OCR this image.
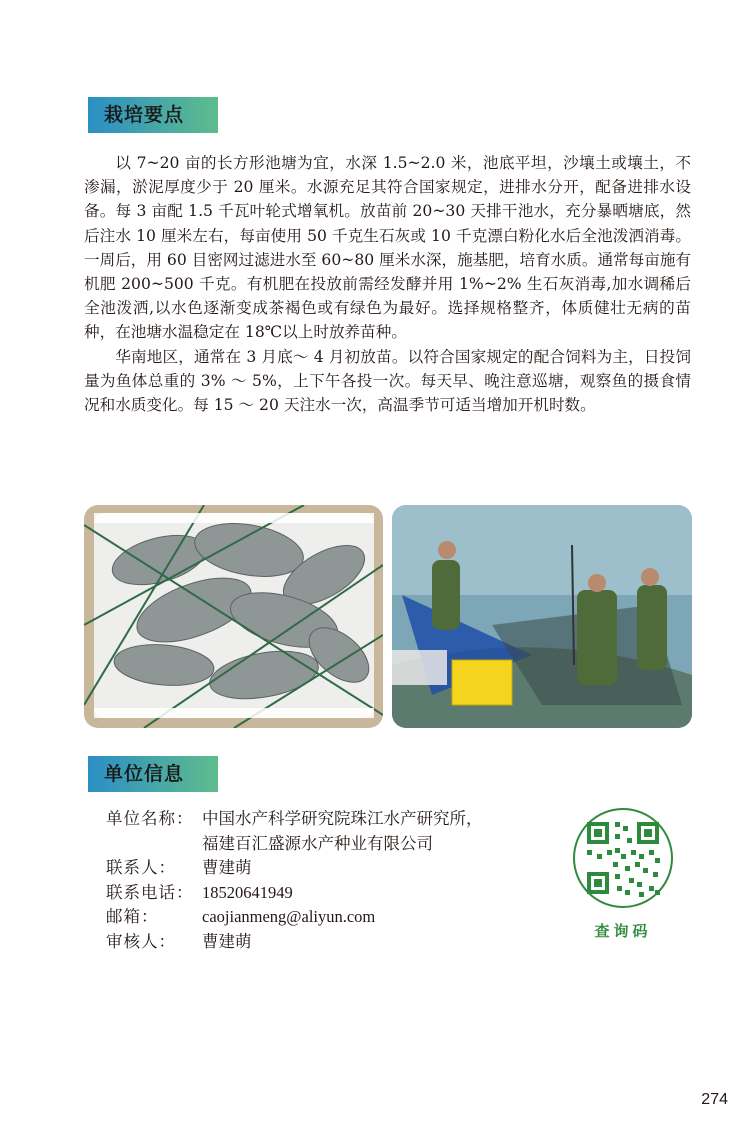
栽培要点

以 7~20 亩的长方形池塘为宜，水深 1.5~2.0 米，池底平坦，沙壤土或壤土，不渗漏，淤泥厚度少于 20 厘米。水源充足其符合国家规定，进排水分开，配备进排水设备。每 3 亩配 1.5 千瓦叶轮式增氧机。放苗前 20~30 天排干池水，充分暴晒塘底，然后注水 10 厘米左右，每亩使用 50 千克生石灰或 10 千克漂白粉化水后全池泼洒消毒。一周后，用 60 目密网过滤进水至 60~80 厘米水深，施基肥，培育水质。通常每亩施有机肥 200~500 千克。有机肥在投放前需经发酵并用 1%~2% 生石灰消毒,加水调稀后全池泼洒,以水色逐渐变成茶褐色或有绿色为最好。选择规格整齐，体质健壮无病的苗种，在池塘水温稳定在 18℃以上时放养苗种。

华南地区，通常在 3 月底～ 4 月初放苗。以符合国家规定的配合饲料为主，日投饲量为鱼体总重的 3% ～ 5%，上下午各投一次。每天早、晚注意巡塘，观察鱼的摄食情况和水质变化。每 15 ～ 20 天注水一次，高温季节可适当增加开机时数。

单位信息
单位名称： 中国水产科学研究院珠江水产研究所，
福建百汇盛源水产种业有限公司
联系人：	曹建萌
联系电话： 18520641949
邮箱：	caojianmeng@aliyun.com
审核人：	曹建萌
查询码
274
